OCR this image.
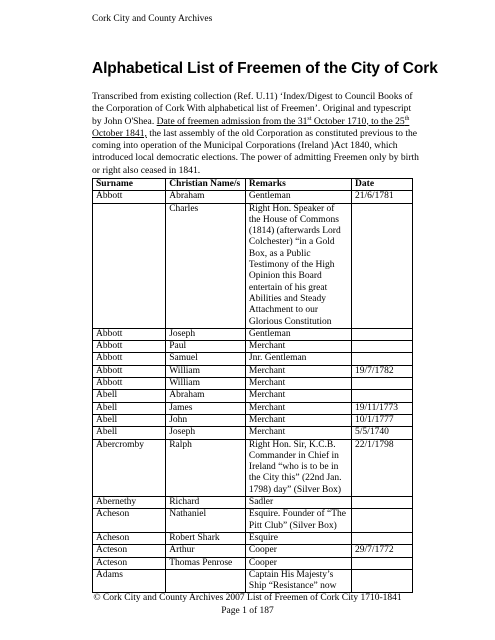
Cork City and County Archives
Alphabetical List of Freemen of the City of Cork
Transcribed from existing collection (Ref. U.11) ‘Index/Digest to Council Books of the Corporation of Cork With alphabetical list of Freemen’. Original and typescript by John O'Shea. Date of freemen admission from the 31st October 1710, to the 25th October 1841, the last assembly of the old Corporation as constituted previous to the coming into operation of the Municipal Corporations (Ireland )Act 1840, which introduced local democratic elections. The power of admitting Freemen only by birth or right also ceased in 1841.
Surname	Christian Name/s	Remarks	Date
Abbott	Abraham	Gentleman	21/6/1781
	Charles	Right Hon. Speaker of the House of Commons (1814) (afterwards Lord Colchester) “in a Gold Box, as a Public Testimony of the High Opinion this Board entertain of his great Abilities and Steady Attachment to our Glorious Constitution	
Abbott	Joseph	Gentleman	
Abbott	Paul	Merchant	
Abbott	Samuel	Jnr. Gentleman	
Abbott	William	Merchant	19/7/1782
Abbott	William	Merchant	
Abell	Abraham	Merchant	
Abell	James	Merchant	19/11/1773
Abell	John	Merchant	10/1/1777
Abell	Joseph	Merchant	5/5/1740
Abercromby	Ralph	Right Hon. Sir, K.C.B. Commander in Chief in Ireland “who is to be in the City this” (22nd Jan. 1798) day” (Silver Box)	22/1/1798
Abernethy	Richard	Sadler	
Acheson	Nathaniel	Esquire. Founder of “The Pitt Club” (Silver Box)	
Acheson	Robert Shark	Esquire	
Acteson	Arthur	Cooper	29/7/1772
Acteson	Thomas Penrose	Cooper	
Adams		Captain His Majesty’s Ship “Resistance” now	
© Cork City and County Archives 2007 List of Freemen of Cork City 1710-1841
Page 1 of 187
